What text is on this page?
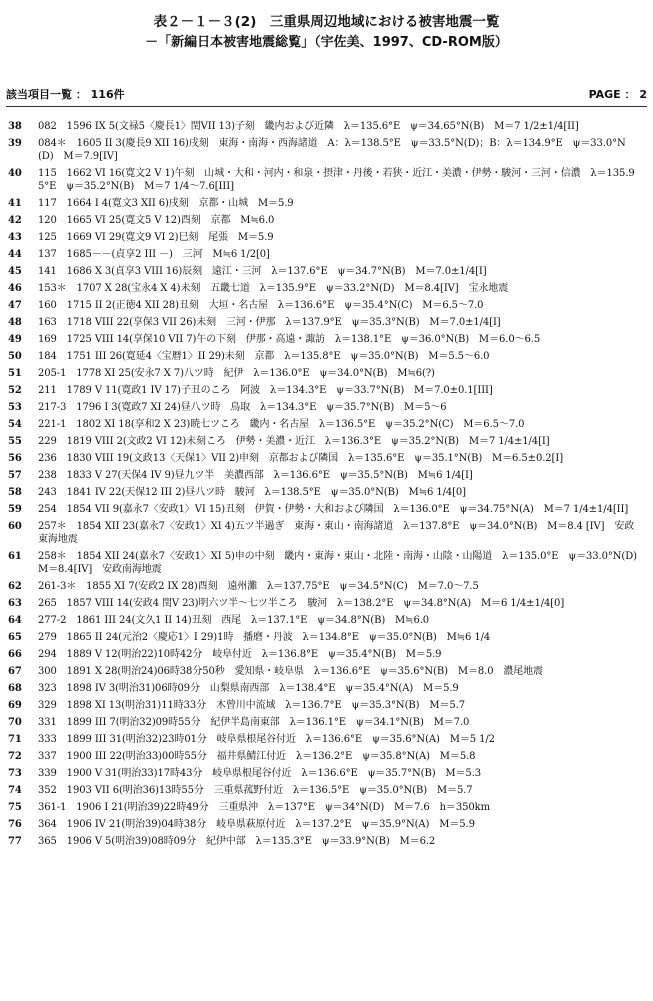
表２－１－３(2)　三重県周辺地域における被害地震一覧
－「新編日本被害地震総覧」（宇佐美、1997、CD-ROM版）
該当項目一覧 ： 116件	PAGE ： 2
38	082　1596 IX 5(文禄5〈慶長1〉閏VII 13)子刻　畿内および近隣　λ＝135.6°E　ψ＝34.65°N(B)　M＝7 1/2±1/4[II]
39	084＊　1605 II 3(慶長9 XII 16)戌刻　東海・南海・西海諸道　A：λ＝138.5°E　ψ＝33.5°N(D)；B：λ＝134.9°E　ψ＝33.0°N(D)　M＝7.9[IV]
40	115　1662 VI 16(寛文2 V 1)午刻　山城・大和・河内・和泉・摂津・丹後・若狭・近江・美濃・伊勢・駿河・三河・信濃　λ＝135.95°E　ψ＝35.2°N(B)　M＝7 1/4～7.6[III]
41	117　1664 I 4(寛文3 XII 6)戌刻　京都・山城　M＝5.9
42	120　1665 VI 25(寛文5 V 12)酉刻　京都　M≒6.0
43	125　1669 VI 29(寛文9 VI 2)巳刻　尾張　M＝5.9
44	137　1685－－(貞享2 III －)　三河　M≒6 1/2[0]
45	141　1686 X 3(貞享3 VIII 16)辰刻　遠江・三河　λ＝137.6°E　ψ＝34.7°N(B)　M＝7.0±1/4[I]
46	153＊　1707 X 28(宝永4 X 4)未刻　五畿七道　λ＝135.9°E　ψ＝33.2°N(D)　M＝8.4[IV]　宝永地震
47	160　1715 II 2(正徳4 XII 28)丑刻　大垣・名古屋　λ＝136.6°E　ψ＝35.4°N(C)　M＝6.5～7.0
48	163　1718 VIII 22(享保3 VII 26)未刻　三河・伊那　λ＝137.9°E　ψ＝35.3°N(B)　M＝7.0±1/4[I]
49	169　1725 VIII 14(享保10 VII 7)午の下刻　伊那・高遠・諏訪　λ＝138.1°E　ψ＝36.0°N(B)　M＝6.0～6.5
50	184　1751 III 26(寛延4〈宝暦1〉II 29)未刻　京都　λ＝135.8°E　ψ＝35.0°N(B)　M＝5.5～6.0
51	205-1　1778 XI 25(安永7 X 7)八ツ時　紀伊　λ＝136.0°E　ψ＝34.0°N(B)　M≒6(?)
52	211　1789 V 11(寛政1 IV 17)子丑のころ　阿波　λ＝134.3°E　ψ＝33.7°N(B)　M＝7.0±0.1[III]
53	217-3　1796 I 3(寛政7 XI 24)昼八ツ時　鳥取　λ＝134.3°E　ψ＝35.7°N(B)　M＝5～6
54	221-1　1802 XI 18(享和2 X 23)暁七ツころ　畿内・名古屋　λ＝136.5°E　ψ＝35.2°N(C)　M＝6.5～7.0
55	229　1819 VIII 2(文政2 VI 12)未刻ころ　伊勢・美濃・近江　λ＝136.3°E　ψ＝35.2°N(B)　M＝7 1/4±1/4[I]
56	236　1830 VIII 19(文政13〈天保1〉VII 2)申刻　京都および隣国　λ＝135.6°E　ψ＝35.1°N(B)　M＝6.5±0.2[I]
57	238　1833 V 27(天保4 IV 9)昼九ツ半　美濃西部　λ＝136.6°E　ψ＝35.5°N(B)　M≒6 1/4[I]
58	243　1841 IV 22(天保12 III 2)昼八ツ時　駿河　λ＝138.5°E　ψ＝35.0°N(B)　M≒6 1/4[0]
59	254　1854 VII 9(嘉永7〈安政1〉VI 15)丑刻　伊賀・伊勢・大和および隣国　λ＝136.0°E　ψ＝34.75°N(A)　M＝7 1/4±1/4[II]
60	257＊　1854 XII 23(嘉永7〈安政1〉XI 4)五ツ半過ぎ　東海・東山・南海諸道　λ＝137.8°E　ψ＝34.0°N(B)　M＝8.4 [IV]　安政東海地震
61	258＊　1854 XII 24(嘉永7〈安政1〉XI 5)申の中刻　畿内・東海・東山・北陸・南海・山陰・山陽道　λ＝135.0°E　ψ＝33.0°N(D)　M＝8.4[IV]　安政南海地震
62	261-3＊　1855 XI 7(安政2 IX 28)酉刻　遠州灘　λ＝137.75°E　ψ＝34.5°N(C)　M＝7.0～7.5
63	265　1857 VIII 14(安政4 閏V 23)明六ツ半～七ツ半ころ　駿河　λ＝138.2°E　ψ＝34.8°N(A)　M＝6 1/4±1/4[0]
64	277-2　1861 III 24(文久1 II 14)丑刻　西尾　λ＝137.1°E　ψ＝34.8°N(B)　M≒6.0
65	279　1865 II 24(元治2〈慶応1〉I 29)1時　播磨・丹波　λ＝134.8°E　ψ＝35.0°N(B)　M≒6 1/4
66	294　1889 V 12(明治22)10時42分　岐阜付近　λ＝136.8°E　ψ＝35.4°N(B)　M＝5.9
67	300　1891 X 28(明治24)06時38分50秒　愛知県・岐阜県　λ＝136.6°E　ψ＝35.6°N(B)　M＝8.0　濃尾地震
68	323　1898 IV 3(明治31)06時09分　山梨県南西部　λ＝138.4°E　ψ＝35.4°N(A)　M＝5.9
69	329　1898 XI 13(明治31)11時33分　木曾川中流域　λ＝136.7°E　ψ＝35.3°N(B)　M＝5.7
70	331　1899 III 7(明治32)09時55分　紀伊半島南東部　λ＝136.1°E　ψ＝34.1°N(B)　M＝7.0
71	333　1899 III 31(明治32)23時01分　岐阜県根尾谷付近　λ＝136.6°E　ψ＝35.6°N(A)　M＝5 1/2
72	337　1900 III 22(明治33)00時55分　福井県鯖江付近　λ＝136.2°E　ψ＝35.8°N(A)　M＝5.8
73	339　1900 V 31(明治33)17時43分　岐阜県根尾谷付近　λ＝136.6°E　ψ＝35.7°N(B)　M＝5.3
74	352　1903 VII 6(明治36)13時55分　三重県菰野付近　λ＝136.5°E　ψ＝35.0°N(B)　M＝5.7
75	361-1　1906 I 21(明治39)22時49分　三重県沖　λ＝137°E　ψ＝34°N(D)　M＝7.6　h＝350km
76	364　1906 IV 21(明治39)04時38分　岐阜県萩原付近　λ＝137.2°E　ψ＝35.9°N(A)　M＝5.9
77	365　1906 V 5(明治39)08時09分　紀伊中部　λ＝135.3°E　ψ＝33.9°N(B)　M＝6.2
